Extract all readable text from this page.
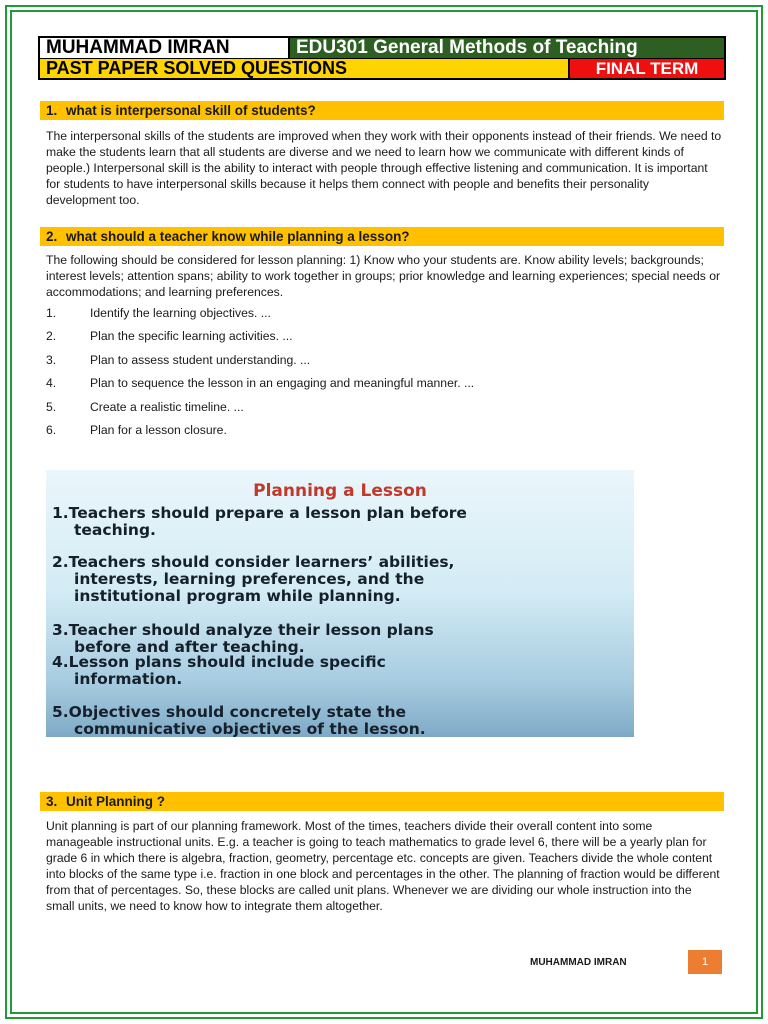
MUHAMMAD IMRAN	EDU301 General Methods of Teaching
PAST PAPER SOLVED QUESTIONS	FINAL TERM
1. what is interpersonal skill of students?

The interpersonal skills of the students are improved when they work with their opponents instead of their friends. We need to make the students learn that all students are diverse and we need to learn how we communicate with different kinds of people.) Interpersonal skill is the ability to interact with people through effective listening and communication. It is important for students to have interpersonal skills because it helps them connect with people and benefits their personality development too.

2. what should a teacher know while planning a lesson?

The following should be considered for lesson planning: 1) Know who your students are. Know ability levels; backgrounds; interest levels; attention spans; ability to work together in groups; prior knowledge and learning experiences; special needs or accommodations; and learning preferences.

1.	Identify the learning objectives. ...
2.	Plan the specific learning activities. ...
3.	Plan to assess student understanding. ...
4.	Plan to sequence the lesson in an engaging and meaningful manner. ...
5.	Create a realistic timeline. ...
6.	Plan for a lesson closure.
Planning a Lesson
1.Teachers should prepare a lesson plan before
teaching.
2.Teachers should consider learners’ abilities,
interests, learning preferences, and the
institutional program while planning.
3.Teacher should analyze their lesson plans
before and after teaching.
4.Lesson plans should include specific
information.
5.Objectives should concretely state the
communicative objectives of the lesson.
3. Unit Planning ?

Unit planning is part of our planning framework. Most of the times, teachers divide their overall content into some manageable instructional units. E.g. a teacher is going to teach mathematics to grade level 6, there will be a yearly plan for grade 6 in which there is algebra, fraction, geometry, percentage etc. concepts are given. Teachers divide the whole content into blocks of the same type i.e. fraction in one block and percentages in the other. The planning of fraction would be different from that of percentages. So, these blocks are called unit plans. Whenever we are dividing our whole instruction into the small units, we need to know how to integrate them altogether.

MUHAMMAD IMRAN	1
